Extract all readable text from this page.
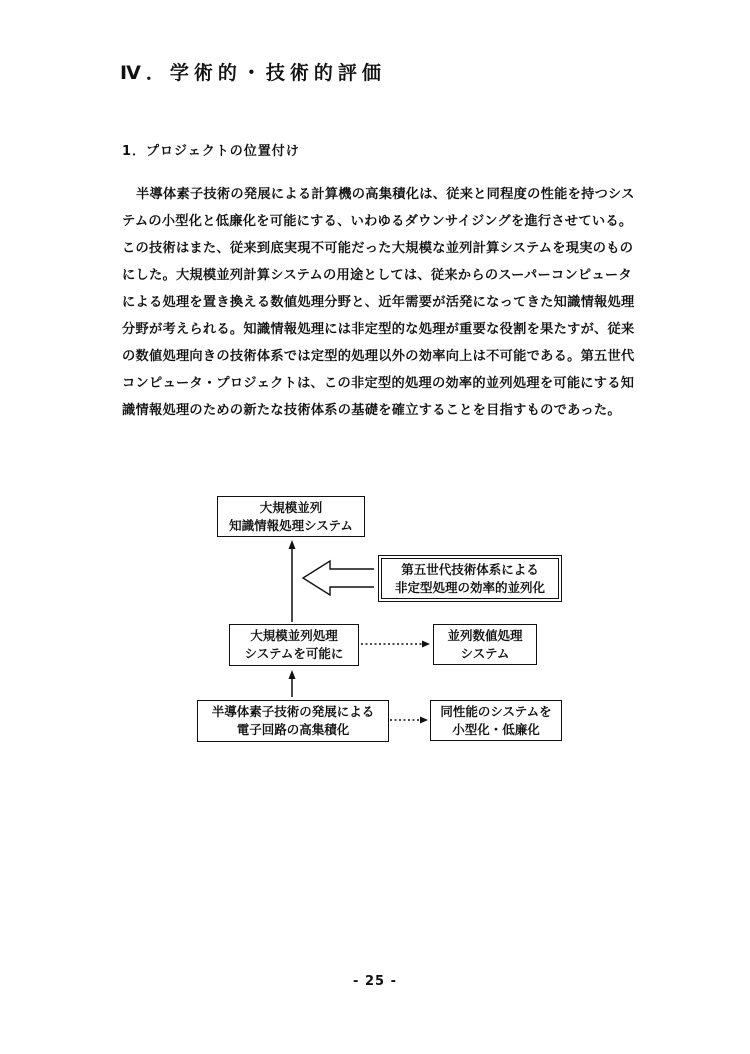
Ⅳ．学術的・技術的評価
1．プロジェクトの位置付け
半導体素子技術の発展による計算機の高集積化は、従来と同程度の性能を持つシス
テムの小型化と低廉化を可能にする、いわゆるダウンサイジングを進行させている。
この技術はまた、従来到底実現不可能だった大規模な並列計算システムを現実のもの
にした。大規模並列計算システムの用途としては、従来からのスーパーコンピュータ
による処理を置き換える数値処理分野と、近年需要が活発になってきた知識情報処理
分野が考えられる。知識情報処理には非定型的な処理が重要な役割を果たすが、従来
の数値処理向きの技術体系では定型的処理以外の効率向上は不可能である。第五世代
コンピュータ・プロジェクトは、この非定型的処理の効率的並列処理を可能にする知
識情報処理のための新たな技術体系の基礎を確立することを目指すものであった。
大規模並列
知識情報処理システム
第五世代技術体系による
非定型処理の効率的並列化
大規模並列処理
システムを可能に
並列数値処理
システム
半導体素子技術の発展による
電子回路の高集積化
同性能のシステムを
小型化・低廉化
- 25 -
